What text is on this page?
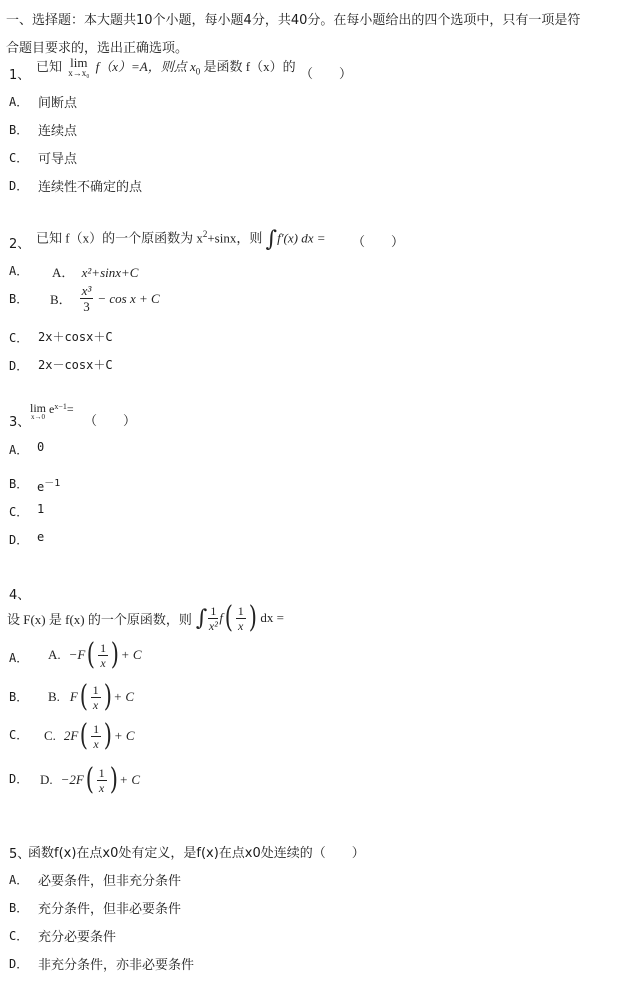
一、选择题：本大题共10个小题，每小题4分，共40分。在每小题给出的四个选项中，只有一项是符
合题目要求的，选出正确选项。
1、
已知 lim
x→x₀ f（x）=A，则点 $x_0$ 是函数 f（x）的
（　　）
A． 间断点
B． 连续点
C． 可导点
D． 连续性不确定的点
2、 已知 f（x）的一个原函数为 $x^2+\sin x$，则 ∫f′(x) dx = （　　）
A． A． x²+sinx+C
B． B． $\frac{\text{x³}}{3} - \cos x + C$
C． 2x＋cosx＋C
D． 2x－cosx＋C
3、
lim
x→0
$e^{x-1}$ =
（　　）
A． 0
B． $e^{-1}$
C． 1
D． e
4、
设 F(x) 是 f(x) 的一个原函数，则 ∫ $\frac{1}{\text{x²}}$ f ( $\frac{1}{x}$ ) dx =
A． A. −F ( $\frac{1}{x}$ ) + C
B． B. F ( $\frac{1}{x}$ ) + C
C． C. 2F ( $\frac{1}{x}$ ) + C
D． D. −2F ( $\frac{1}{x}$ ) + C
5、
函数f(x)在点x0处有定义，是f(x)在点x0处连续的（　　）
A． 必要条件，但非充分条件
B． 充分条件，但非必要条件
C． 充分必要条件
D． 非充分条件，亦非必要条件
